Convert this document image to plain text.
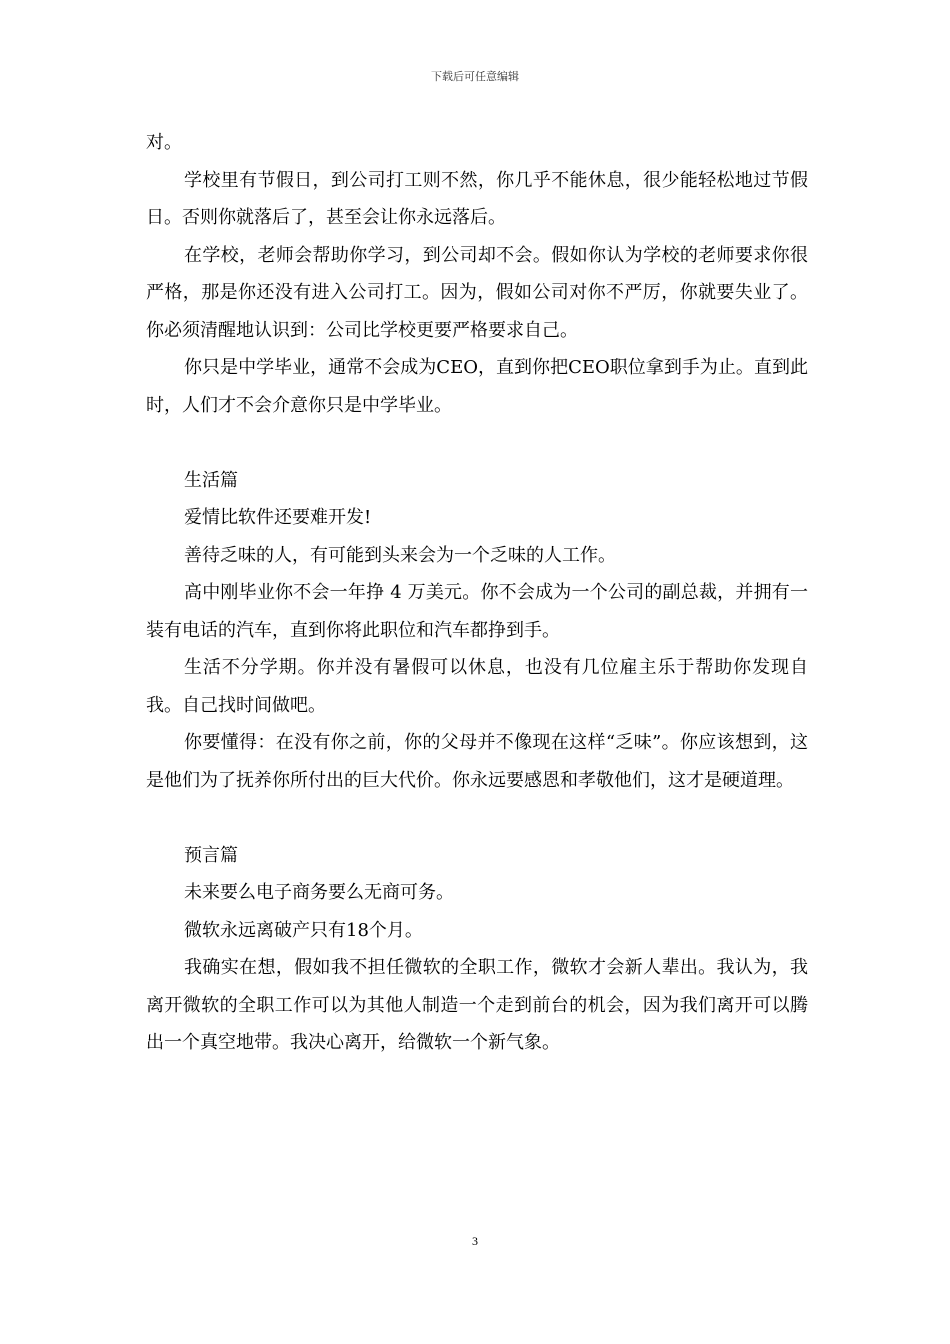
下载后可任意编辑

对。

学校里有节假日，到公司打工则不然，你几乎不能休息，很少能轻松地过节假日。否则你就落后了，甚至会让你永远落后。

在学校，老师会帮助你学习，到公司却不会。假如你认为学校的老师要求你很严格，那是你还没有进入公司打工。因为，假如公司对你不严厉，你就要失业了。你必须清醒地认识到：公司比学校更要严格要求自己。

你只是中学毕业，通常不会成为CEO，直到你把CEO职位拿到手为止。直到此时，人们才不会介意你只是中学毕业。

生活篇

爱情比软件还要难开发!

善待乏味的人，有可能到头来会为一个乏味的人工作。

高中刚毕业你不会一年挣 4 万美元。你不会成为一个公司的副总裁，并拥有一装有电话的汽车，直到你将此职位和汽车都挣到手。

生活不分学期。你并没有暑假可以休息，也没有几位雇主乐于帮助你发现自我。自己找时间做吧。

你要懂得：在没有你之前，你的父母并不像现在这样“乏味”。你应该想到，这是他们为了抚养你所付出的巨大代价。你永远要感恩和孝敬他们，这才是硬道理。

预言篇

未来要么电子商务要么无商可务。

微软永远离破产只有18个月。

我确实在想，假如我不担任微软的全职工作，微软才会新人辈出。我认为，我离开微软的全职工作可以为其他人制造一个走到前台的机会，因为我们离开可以腾出一个真空地带。我决心离开，给微软一个新气象。

3
